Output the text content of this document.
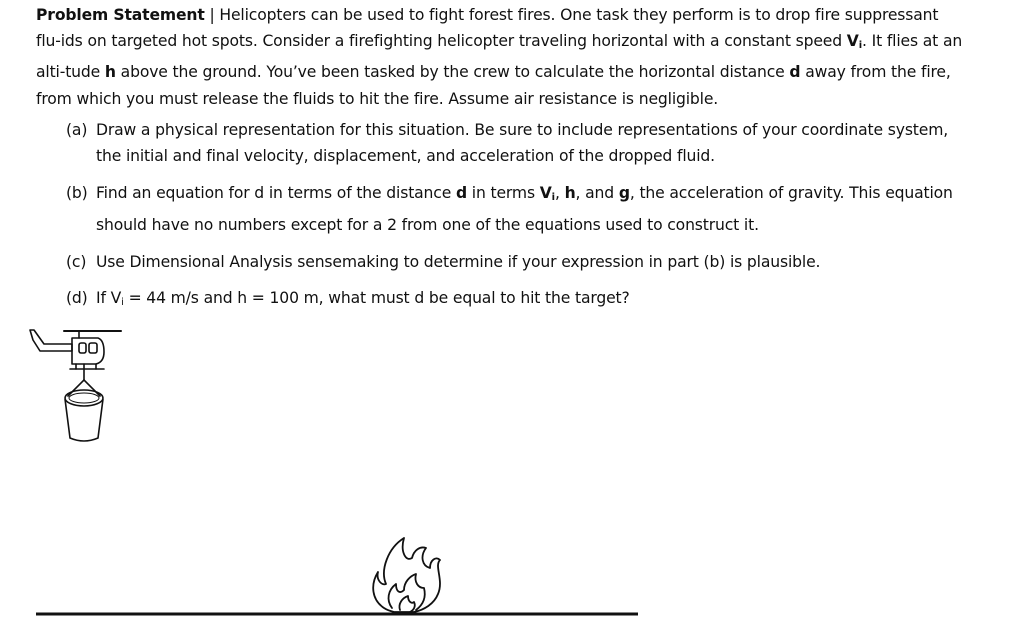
Problem Statement | Helicopters can be used to fight forest fires. One task they perform is to drop fire suppressant flu-ids on targeted hot spots. Consider a firefighting helicopter traveling horizontal with a constant speed $V_i$. It flies at an alti-tude h above the ground. You’ve been tasked by the crew to calculate the horizontal distance d away from the fire, from which you must release the fluids to hit the fire. Assume air resistance is negligible.

(a) Draw a physical representation for this situation. Be sure to include representations of your coordinate system, the initial and final velocity, displacement, and acceleration of the dropped fluid.
(b) Find an equation for d in terms of the distance d in terms $V_i$, h, and g, the acceleration of gravity. This equation should have no numbers except for a 2 from one of the equations used to construct it.
(c) Use Dimensional Analysis sensemaking to determine if your expression in part (b) is plausible.
(d) If $V_i = 44$ m/s and h = 100 m, what must d be equal to hit the target?
